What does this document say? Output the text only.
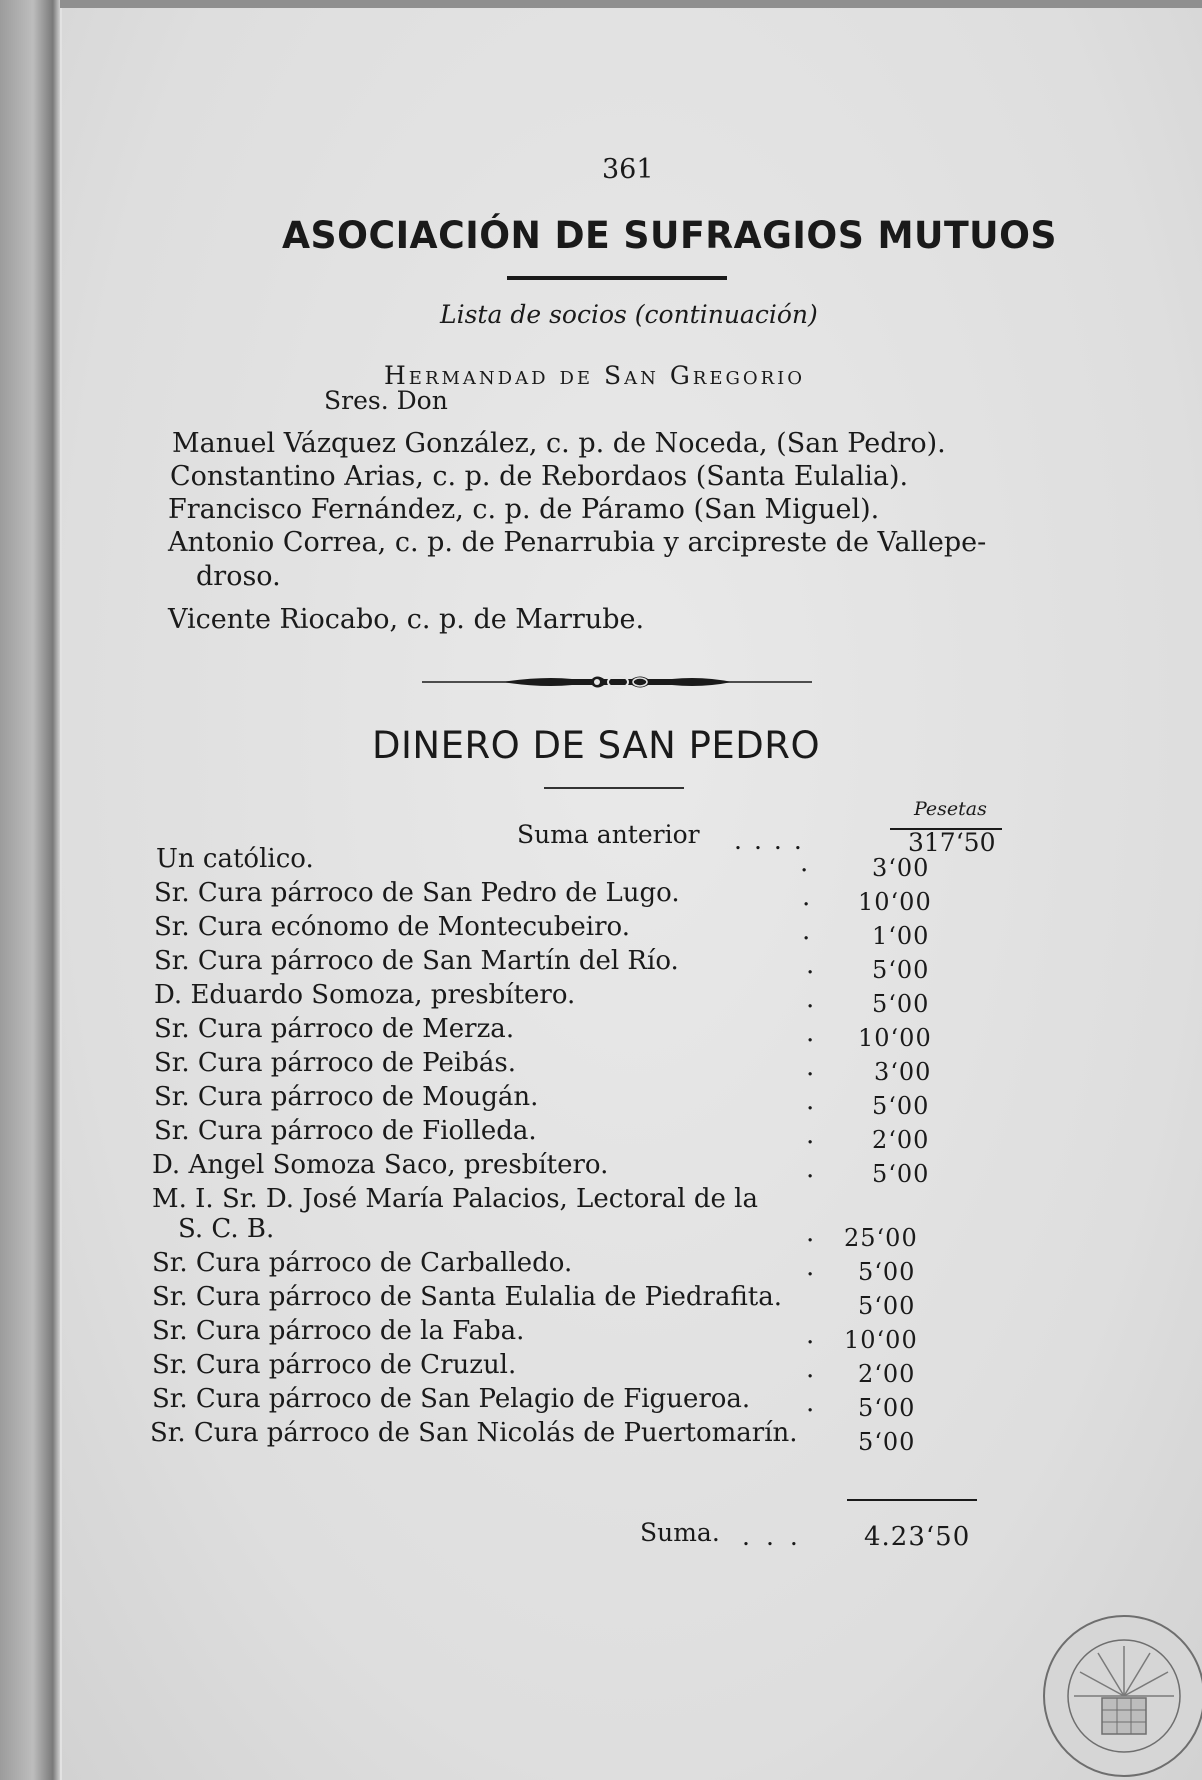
361
ASOCIACIÓN DE SUFRAGIOS MUTUOS
Lista de socios (continuación)
Hermandad de San Gregorio
Sres. Don
Manuel Vázquez González, c. p. de Noceda, (San Pedro).
Constantino Arias, c. p. de Rebordaos (Santa Eulalia).
Francisco Fernández, c. p. de Páramo (San Miguel).
Antonio Correa, c. p. de Penarrubia y arcipreste de Vallepe-
droso.
Vicente Riocabo, c. p. de Marrube.
DINERO DE SAN PEDRO
Pesetas
Suma anterior ....	317‘50
Un católico.	.	3‘00
Sr. Cura párroco de San Pedro de Lugo.	. 10‘00
Sr. Cura ecónomo de Montecubeiro.	.	1‘00
Sr. Cura párroco de San Martín del Río.	. 5‘00
D. Eduardo Somoza, presbítero.	. 5‘00
Sr. Cura párroco de Merza.	. 10‘00
Sr. Cura párroco de Peibás.	. 3‘00
Sr. Cura párroco de Mougán.	. 5‘00
Sr. Cura párroco de Fiolleda.	. 2‘00
D. Angel Somoza Saco, presbítero.	. 5‘00
M. I. Sr. D. José María Palacios, Lectoral de la
S. C. B.	. 25‘00
Sr. Cura párroco de Carballedo.	. 5‘00
Sr. Cura párroco de Santa Eulalia de Piedrafita.	5‘00
Sr. Cura párroco de la Faba.	. 10‘00
Sr. Cura párroco de Cruzul.	. 2‘00
Sr. Cura párroco de San Pelagio de Figueroa. . 5‘00
Sr. Cura párroco de San Nicolás de Puertomarín.	5‘00
Suma. ... 4.23‘50
